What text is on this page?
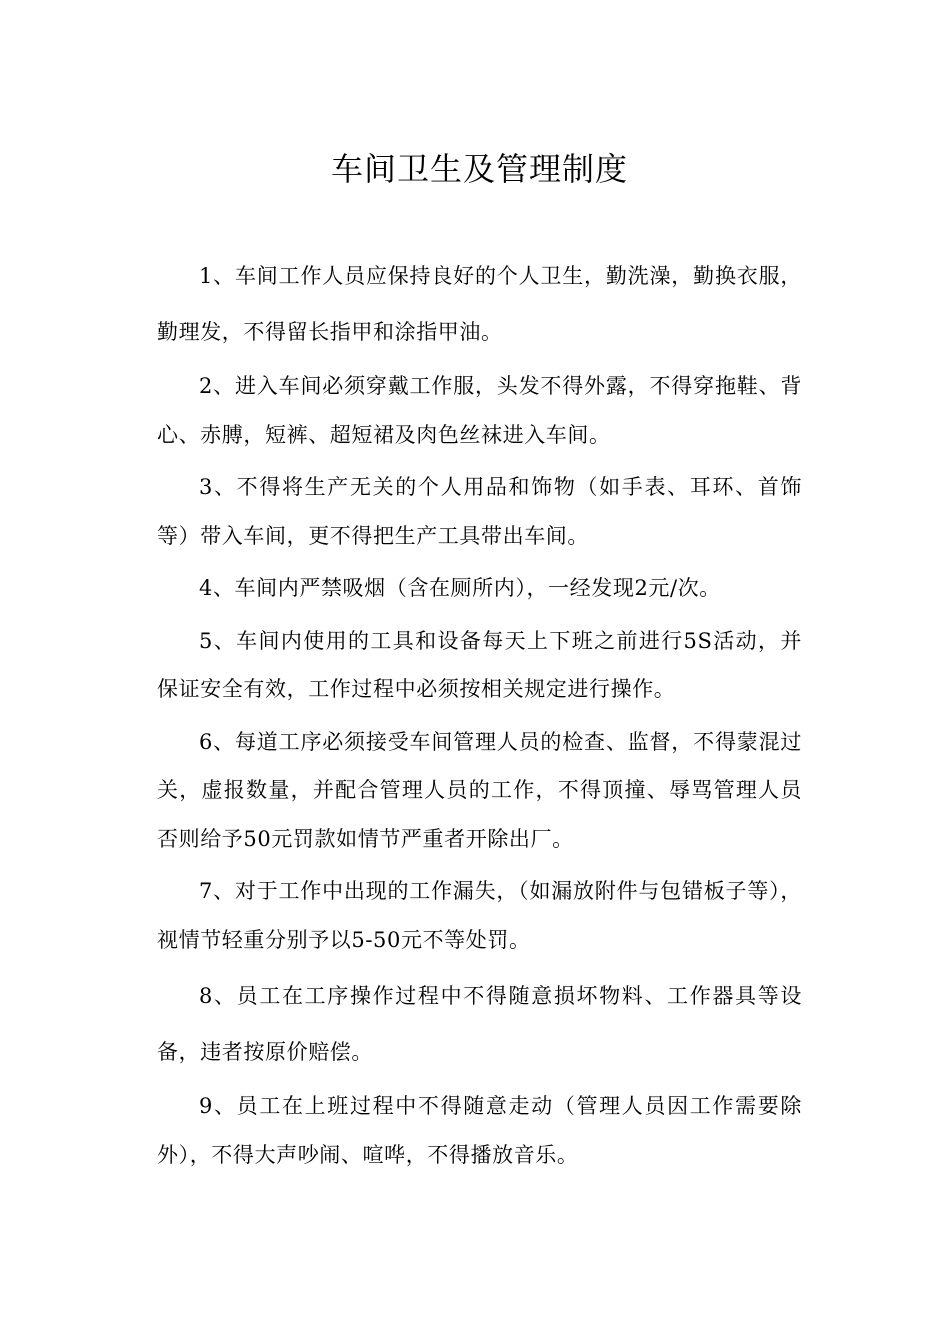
车间卫生及管理制度
1、车间工作人员应保持良好的个人卫生，勤洗澡，勤换衣服，勤理发，不得留长指甲和涂指甲油。
2、进入车间必须穿戴工作服，头发不得外露，不得穿拖鞋、背心、赤膊，短裤、超短裙及肉色丝袜进入车间。
3、不得将生产无关的个人用品和饰物（如手表、耳环、首饰等）带入车间，更不得把生产工具带出车间。
4、车间内严禁吸烟（含在厕所内），一经发现2元/次。
5、车间内使用的工具和设备每天上下班之前进行5S活动，并保证安全有效，工作过程中必须按相关规定进行操作。
6、每道工序必须接受车间管理人员的检查、监督，不得蒙混过关，虚报数量，并配合管理人员的工作，不得顶撞、辱骂管理人员否则给予50元罚款如情节严重者开除出厂。
7、对于工作中出现的工作漏失，（如漏放附件与包错板子等），视情节轻重分别予以5-50元不等处罚。
8、员工在工序操作过程中不得随意损坏物料、工作器具等设备，违者按原价赔偿。
9、员工在上班过程中不得随意走动（管理人员因工作需要除外），不得大声吵闹、喧哗，不得播放音乐。
